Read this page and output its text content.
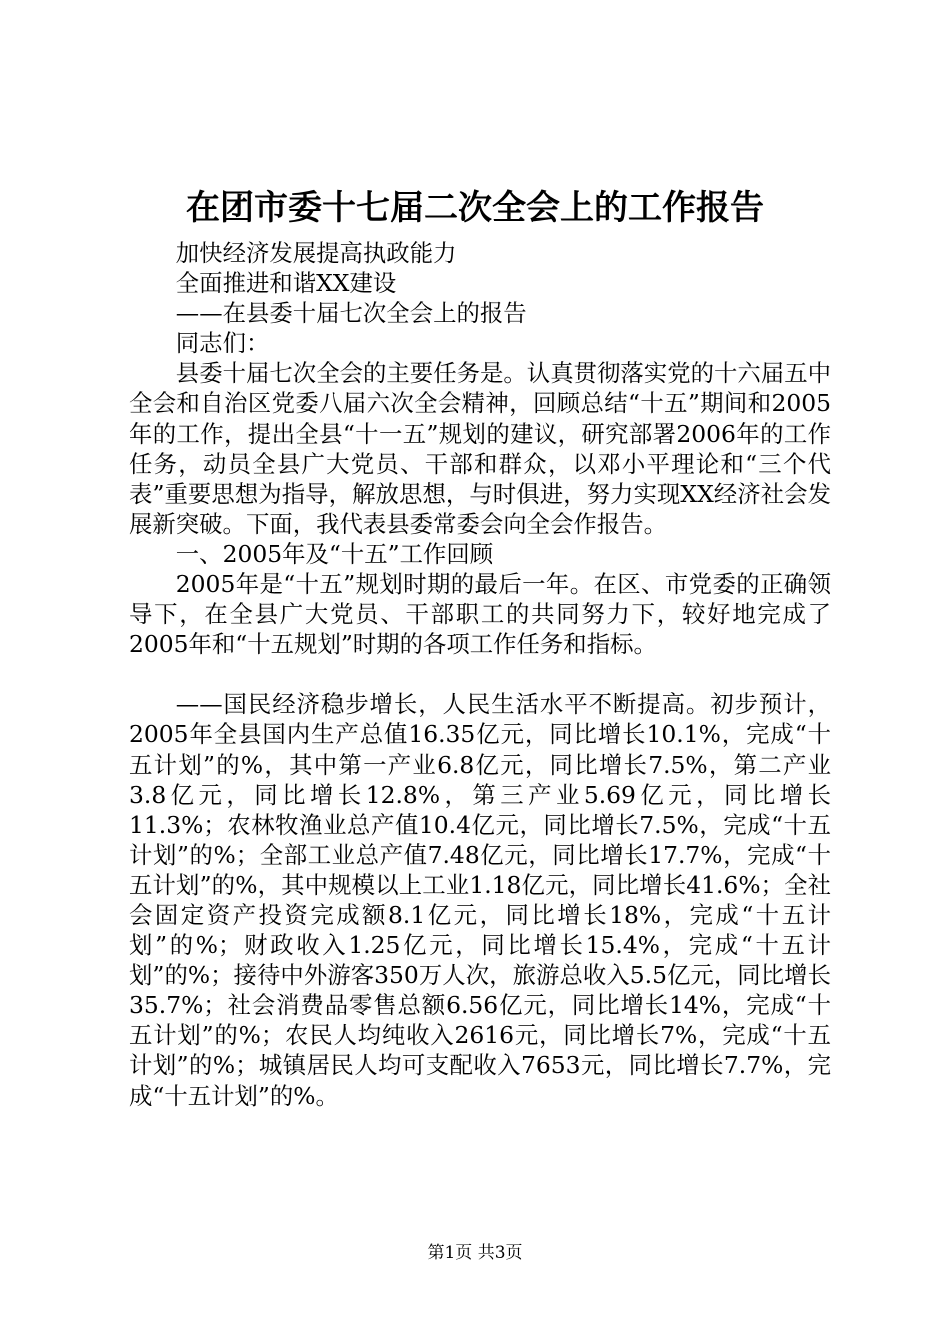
在团市委十七届二次全会上的工作报告

加快经济发展提高执政能力

全面推进和谐XX建设

——在县委十届七次全会上的报告

同志们：

县委十届七次全会的主要任务是。认真贯彻落实党的十六届五中全会和自治区党委八届六次全会精神，回顾总结“十五”期间和2005年的工作，提出全县“十一五”规划的建议，研究部署2006年的工作任务，动员全县广大党员、干部和群众，以邓小平理论和“三个代表”重要思想为指导，解放思想，与时俱进，努力实现XX经济社会发展新突破。下面，我代表县委常委会向全会作报告。

一、2005年及“十五”工作回顾

2005年是“十五”规划时期的最后一年。在区、市党委的正确领导下，在全县广大党员、干部职工的共同努力下，较好地完成了2005年和“十五规划”时期的各项工作任务和指标。

——国民经济稳步增长，人民生活水平不断提高。初步预计，2005年全县国内生产总值16.35亿元，同比增长10.1%，完成“十五计划”的%，其中第一产业6.8亿元，同比增长7.5%，第二产业3.8亿元，同比增长12.8%，第三产业5.69亿元，同比增长11.3%；农林牧渔业总产值10.4亿元，同比增长7.5%，完成“十五计划”的%；全部工业总产值7.48亿元，同比增长17.7%，完成“十五计划”的%，其中规模以上工业1.18亿元，同比增长41.6%；全社会固定资产投资完成额8.1亿元，同比增长18%，完成“十五计划”的%；财政收入1.25亿元，同比增长15.4%，完成“十五计划”的%；接待中外游客350万人次，旅游总收入5.5亿元，同比增长35.7%；社会消费品零售总额6.56亿元，同比增长14%，完成“十五计划”的%；农民人均纯收入2616元，同比增长7%，完成“十五计划”的%；城镇居民人均可支配收入7653元，同比增长7.7%，完成“十五计划”的%。

第1页 共3页
